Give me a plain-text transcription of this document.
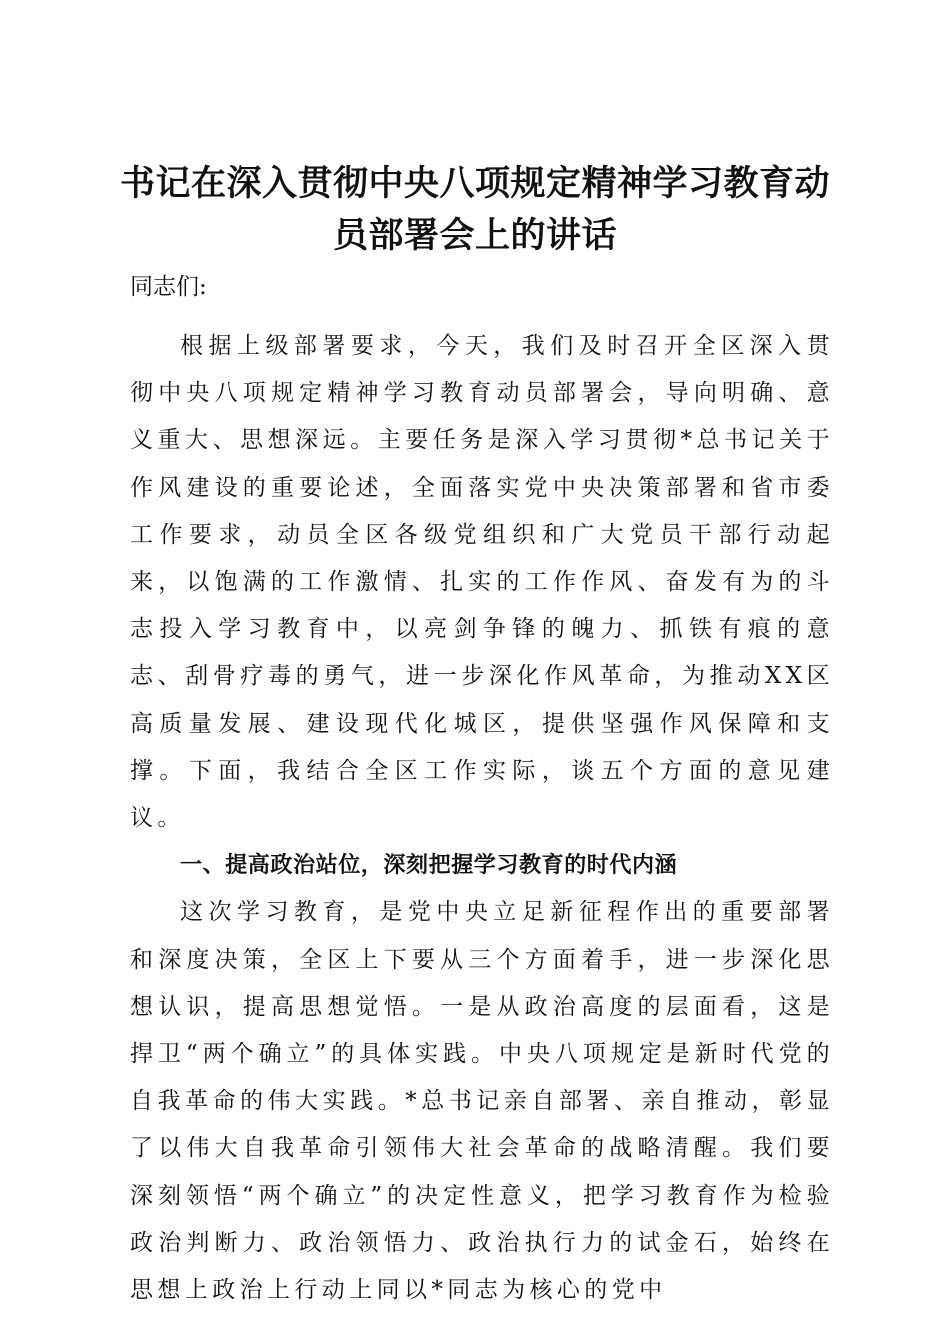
书记在深入贯彻中央八项规定精神学习教育动
员部署会上的讲话

同志们:

根据上级部署要求，今天，我们及时召开全区深入贯彻中央八项规定精神学习教育动员部署会，导向明确、意义重大、思想深远。主要任务是深入学习贯彻*总书记关于作风建设的重要论述，全面落实党中央决策部署和省市委工作要求，动员全区各级党组织和广大党员干部行动起来，以饱满的工作激情、扎实的工作作风、奋发有为的斗志投入学习教育中，以亮剑争锋的魄力、抓铁有痕的意志、刮骨疗毒的勇气，进一步深化作风革命，为推动XX区高质量发展、建设现代化城区，提供坚强作风保障和支撑。下面，我结合全区工作实际，谈五个方面的意见建议。

一、提高政治站位，深刻把握学习教育的时代内涵

这次学习教育，是党中央立足新征程作出的重要部署和深度决策，全区上下要从三个方面着手，进一步深化思想认识，提高思想觉悟。一是从政治高度的层面看，这是捍卫“两个确立”的具体实践。中央八项规定是新时代党的自我革命的伟大实践。*总书记亲自部署、亲自推动，彰显了以伟大自我革命引领伟大社会革命的战略清醒。我们要深刻领悟“两个确立”的决定性意义，把学习教育作为检验政治判断力、政治领悟力、政治执行力的试金石，始终在思想上政治上行动上同以*同志为核心的党中
